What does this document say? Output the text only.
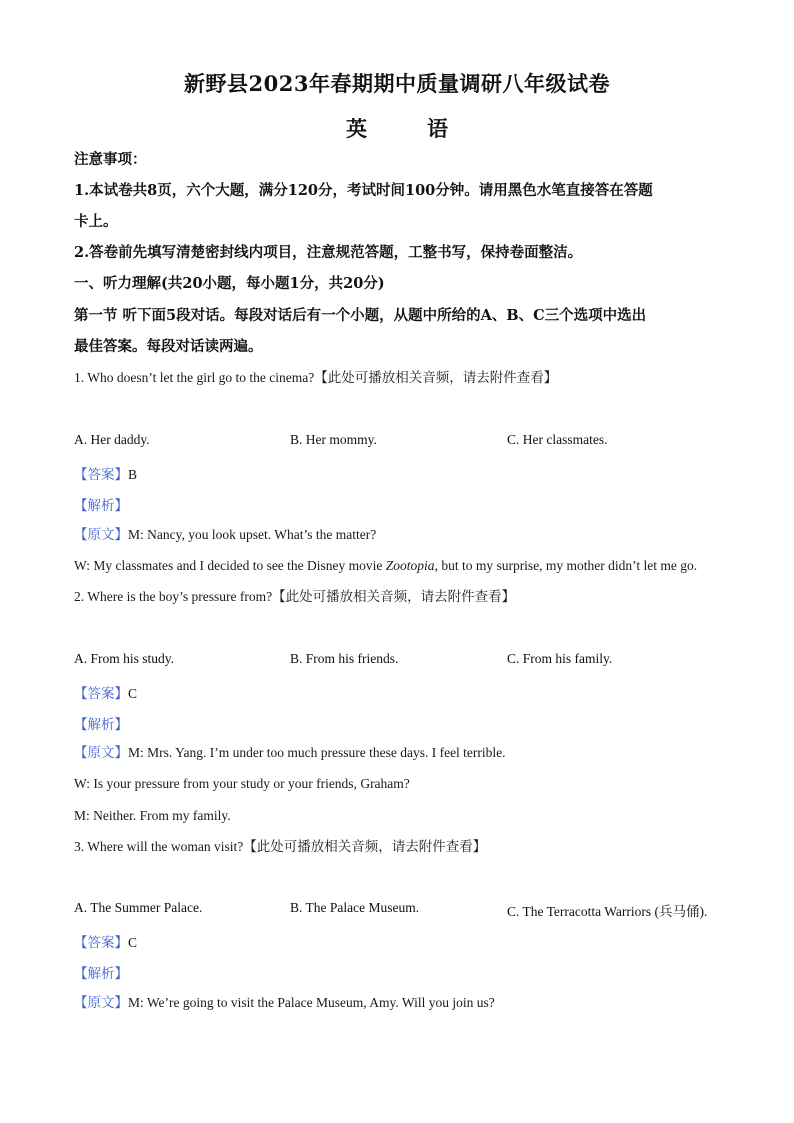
新野县2023年春期期中质量调研八年级试卷
英	语
注意事项：
1.本试卷共8页，六个大题，满分120分，考试时间100分钟。请用黑色水笔直接答在答题
卡上。
2.答卷前先填写清楚密封线内项目，注意规范答题，工整书写，保持卷面整洁。
一、听力理解(共20小题，每小题1分，共20分)
第一节 听下面5段对话。每段对话后有一个小题，从题中所给的A、B、C三个选项中选出
最佳答案。每段对话读两遍。
1. Who doesn’t let the girl go to the cinema?【此处可播放相关音频，请去附件查看】
A. Her daddy.	B. Her mommy.	C. Her classmates.
【答案】B
【解析】
【原文】M: Nancy, you look upset. What’s the matter?
W: My classmates and I decided to see the Disney movie Zootopia, but to my surprise, my mother didn’t let me go.
2. Where is the boy’s pressure from?【此处可播放相关音频，请去附件查看】
A. From his study.	B. From his friends.	C. From his family.
【答案】C
【解析】
【原文】M: Mrs. Yang. I’m under too much pressure these days. I feel terrible.
W: Is your pressure from your study or your friends, Graham?
M: Neither. From my family.
3. Where will the woman visit?【此处可播放相关音频，请去附件查看】
A. The Summer Palace.	B. The Palace Museum.	C. The Terracotta Warriors (兵马俑).
【答案】C
【解析】
【原文】M: We’re going to visit the Palace Museum, Amy. Will you join us?
